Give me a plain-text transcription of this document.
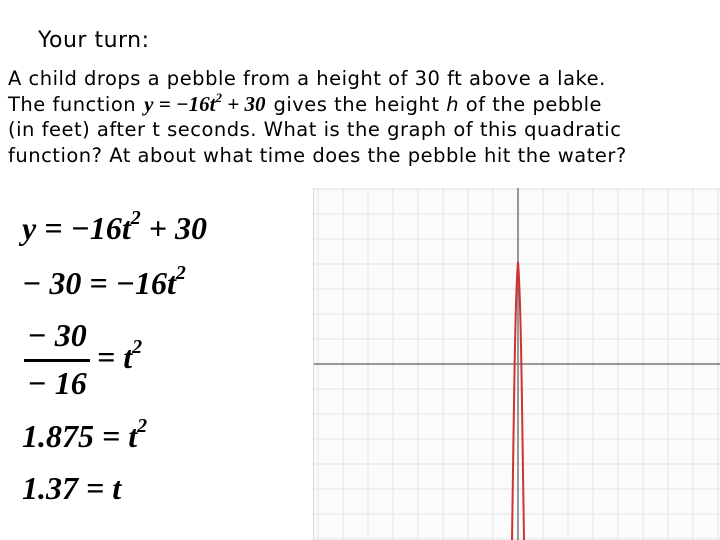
Your turn:
A child drops a pebble from a height of 30 ft above a lake.
The function $y = -16t^2 + 30$ gives the height h of the pebble
(in feet) after t seconds. What is the graph of this quadratic
function? At about what time does the pebble hit the water?
$y = -16t^2 + 30$
− $30 = -16t^2$
− 30
− 16
= $t^2$
$1.875 = t^2$
1.37 = t
